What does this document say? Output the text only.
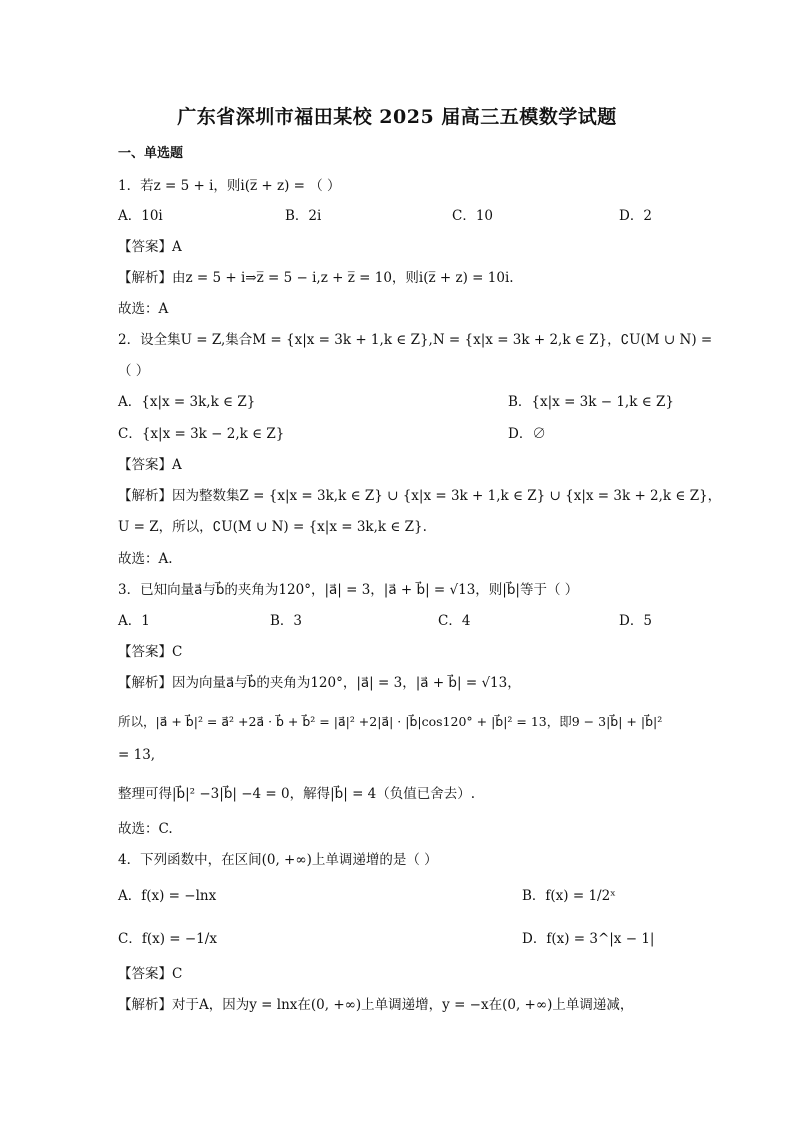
广东省深圳市福田某校 2025 届高三五模数学试题
一、单选题
1．若z = 5 + i，则i(z̅ + z) = （ ）
A．10i	B．2i	C．10	D．2
【答案】A
【解析】由z = 5 + i⇒z̅ = 5 − i,z + z̅ = 10，则i(z̅ + z) = 10i.
故选：A
2．设全集U = Z,集合M = {x|x = 3k + 1,k ∈ Z},N = {x|x = 3k + 2,k ∈ Z}，∁U(M ∪ N) =
（ ）
A．{x|x = 3k,k ∈ Z}	B．{x|x = 3k − 1,k ∈ Z}
C．{x|x = 3k − 2,k ∈ Z}	D．∅
【答案】A
【解析】因为整数集Z = {x|x = 3k,k ∈ Z} ∪ {x|x = 3k + 1,k ∈ Z} ∪ {x|x = 3k + 2,k ∈ Z}，
U = Z，所以，∁U(M ∪ N) = {x|x = 3k,k ∈ Z}.
故选：A.
3．已知向量a⃗与b⃗的夹角为120°，|a⃗| = 3，|a⃗ + b⃗| = √13，则|b⃗|等于（ ）
A．1	B．3	C．4	D．5
【答案】C
【解析】因为向量a⃗与b⃗的夹角为120°，|a⃗| = 3，|a⃗ + b⃗| = √13，
所以，|a⃗ + b⃗|² = a⃗² +2a⃗ · b⃗ + b⃗² = |a⃗|² +2|a⃗| · |b⃗|cos120° + |b⃗|² = 13，即9 − 3|b⃗| + |b⃗|²
= 13,
整理可得|b⃗|² −3|b⃗| −4 = 0，解得|b⃗| = 4（负值已舍去）.
故选：C.
4．下列函数中，在区间(0, +∞)上单调递增的是（ ）
A．f(x) = −lnx	B．f(x) = 1/2ˣ
C．f(x) = −1/x	D．f(x) = 3^|x − 1|
【答案】C
【解析】对于A，因为y = lnx在(0, +∞)上单调递增，y = −x在(0, +∞)上单调递减，
